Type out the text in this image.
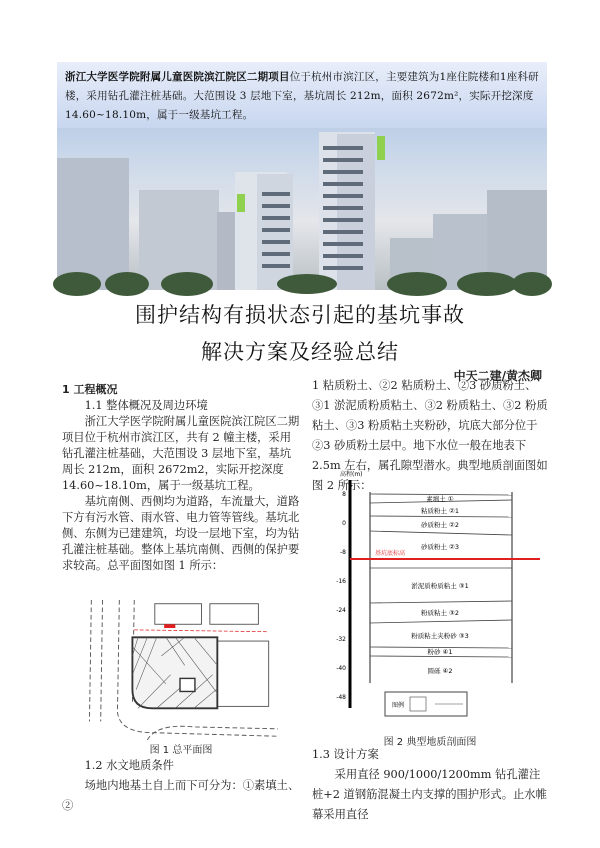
浙江大学医学院附属儿童医院滨江院区二期项目位于杭州市滨江区，主要建筑为1座住院楼和1座科研楼，采用钻孔灌注桩基础。大范围设 3 层地下室，基坑周长 212m，面积 2672m²，实际开挖深度 14.60~18.10m，属于一级基坑工程。
围护结构有损状态引起的基坑事故
解决方案及经验总结
中天二建/黄杰卿
1 工程概况
1.1 整体概况及周边环境
浙江大学医学院附属儿童医院滨江院区二期项目位于杭州市滨江区，共有 2 幢主楼，采用钻孔灌注桩基础，大范围设 3 层地下室，基坑周长 212m，面积 2672m2，实际开挖深度 14.60~18.10m，属于一级基坑工程。
基坑南侧、西侧均为道路，车流量大，道路下方有污水管、雨水管、电力管等管线。基坑北侧、东侧为已建建筑，均设一层地下室，均为钻孔灌注桩基础。整体上基坑南侧、西侧的保护要求较高。总平面图如图 1 所示：
图 1 总平面图
1.2 水文地质条件
场地内地基土自上而下可分为：①素填土、②
1 粘质粉土、②2 粘质粉土、②3 砂质粉土、③1 淤泥质粉质粘土、③2 粉质粘土、③2 粉质粘土、③3 粉质粘土夹粉砂，坑底大部分位于②3 砂质粉土层中。地下水位一般在地表下 2.5m 左右，属孔隙型潜水。典型地质剖面图如图 2 所示：
高程(m)
8
0
-8
-16
-24
-32
-40
-48
基坑底标高
素填土 ①
粘质粉土 ②1
砂质粉土 ②2
砂质粉土 ②3
淤泥质粉质粘土 ③1
粉质粘土 ③2
粉质粘土夹粉砂 ③3
粉砂 ④1
圆砾 ④2
图例
图 2 典型地质剖面图
1.3 设计方案
采用直径 900/1000/1200mm 钻孔灌注桩+2 道钢筋混凝土内支撑的围护形式。止水帷幕采用直径
